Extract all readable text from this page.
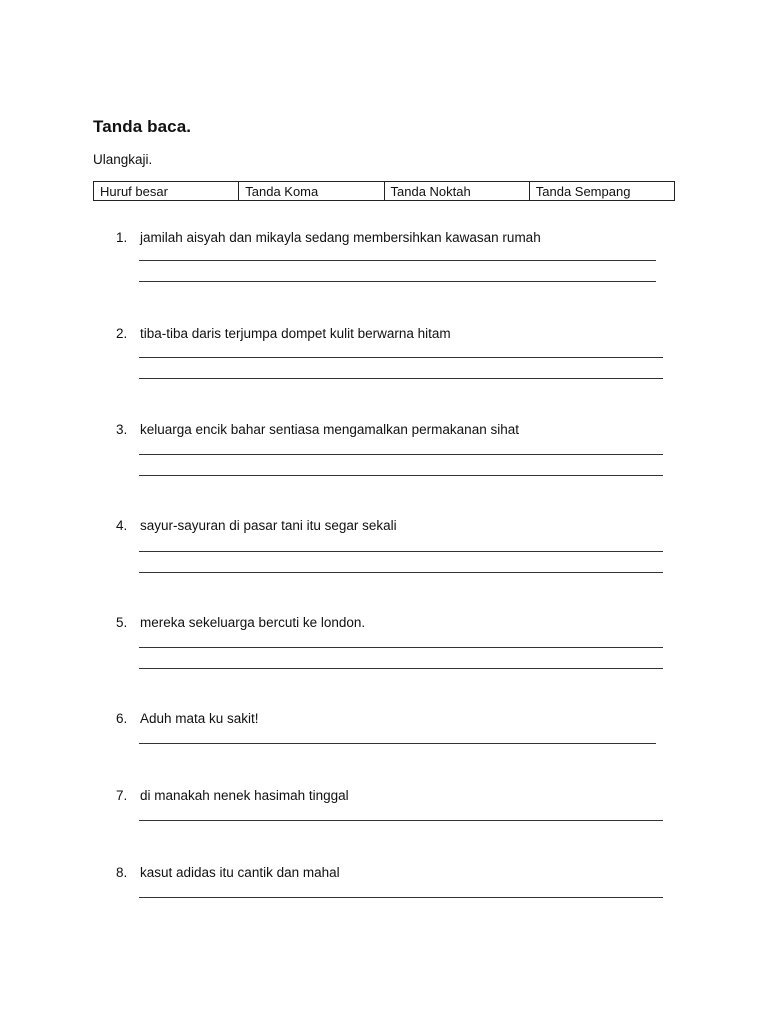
Tanda baca.
Ulangkaji.
Huruf besar	Tanda Koma	Tanda Noktah	Tanda Sempang
1. jamilah aisyah dan mikayla sedang membersihkan kawasan rumah
2. tiba-tiba daris terjumpa dompet kulit berwarna hitam
3. keluarga encik bahar sentiasa mengamalkan permakanan sihat
4. sayur-sayuran di pasar tani itu segar sekali
5. mereka sekeluarga bercuti ke london.
6. Aduh mata ku sakit!
7. di manakah nenek hasimah tinggal
8. kasut adidas itu cantik dan mahal
